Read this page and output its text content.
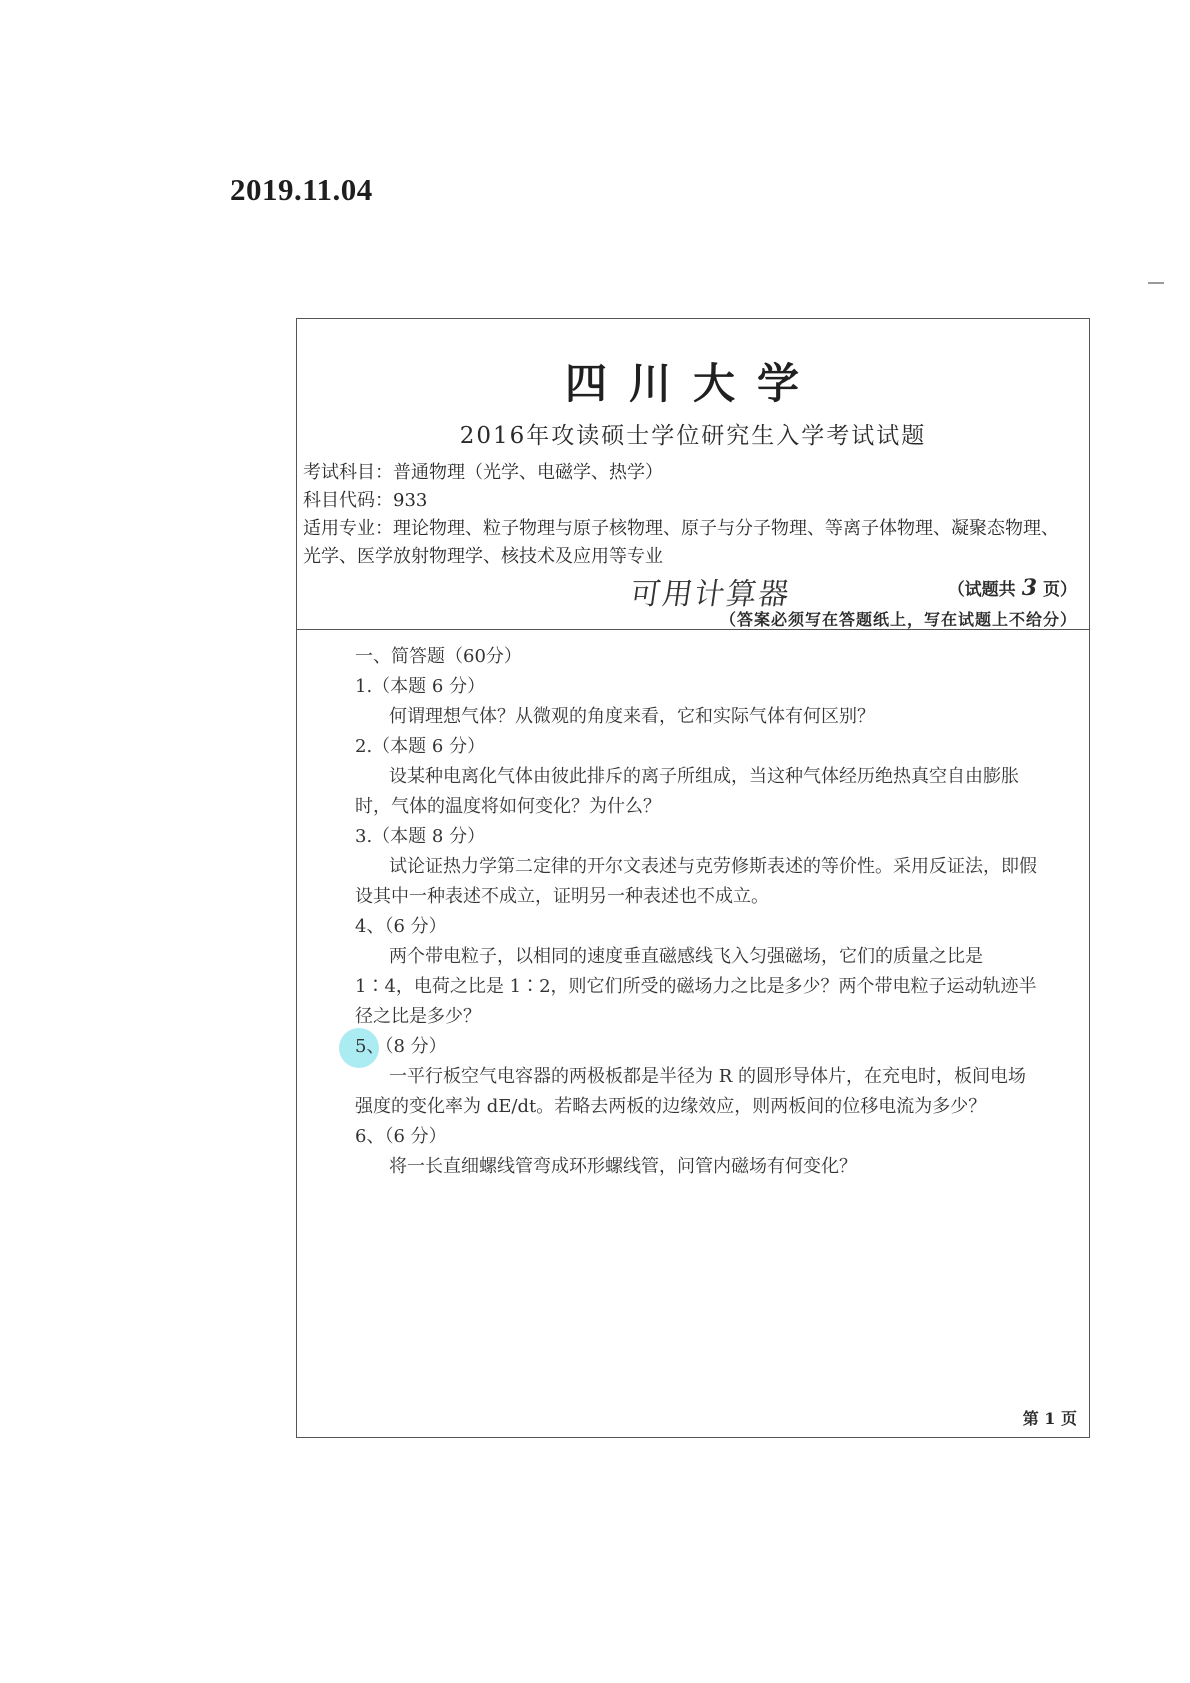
2019.11.04
四川大学
2016年攻读硕士学位研究生入学考试试题
考试科目：普通物理（光学、电磁学、热学）
科目代码：933
适用专业：理论物理、粒子物理与原子核物理、原子与分子物理、等离子体物理、凝聚态物理、光学、医学放射物理学、核技术及应用等专业
可用计算器	（试题共 3 页）
（答案必须写在答题纸上，写在试题上不给分）
一、简答题（60分）
1.（本题 6 分）
何谓理想气体？从微观的角度来看，它和实际气体有何区别？
2.（本题 6 分）
设某种电离化气体由彼此排斥的离子所组成，当这种气体经历绝热真空自由膨胀时，气体的温度将如何变化？为什么？
3.（本题 8 分）
试论证热力学第二定律的开尔文表述与克劳修斯表述的等价性。采用反证法，即假设其中一种表述不成立，证明另一种表述也不成立。
4、（6 分）
两个带电粒子，以相同的速度垂直磁感线飞入匀强磁场，它们的质量之比是 1∶4，电荷之比是 1∶2，则它们所受的磁场力之比是多少？两个带电粒子运动轨迹半径之比是多少？
5、（8 分）
一平行板空气电容器的两极板都是半径为 R 的圆形导体片，在充电时，板间电场强度的变化率为 dE/dt。若略去两板的边缘效应，则两板间的位移电流为多少？
6、（6 分）
将一长直细螺线管弯成环形螺线管，问管内磁场有何变化？
第 1 页
